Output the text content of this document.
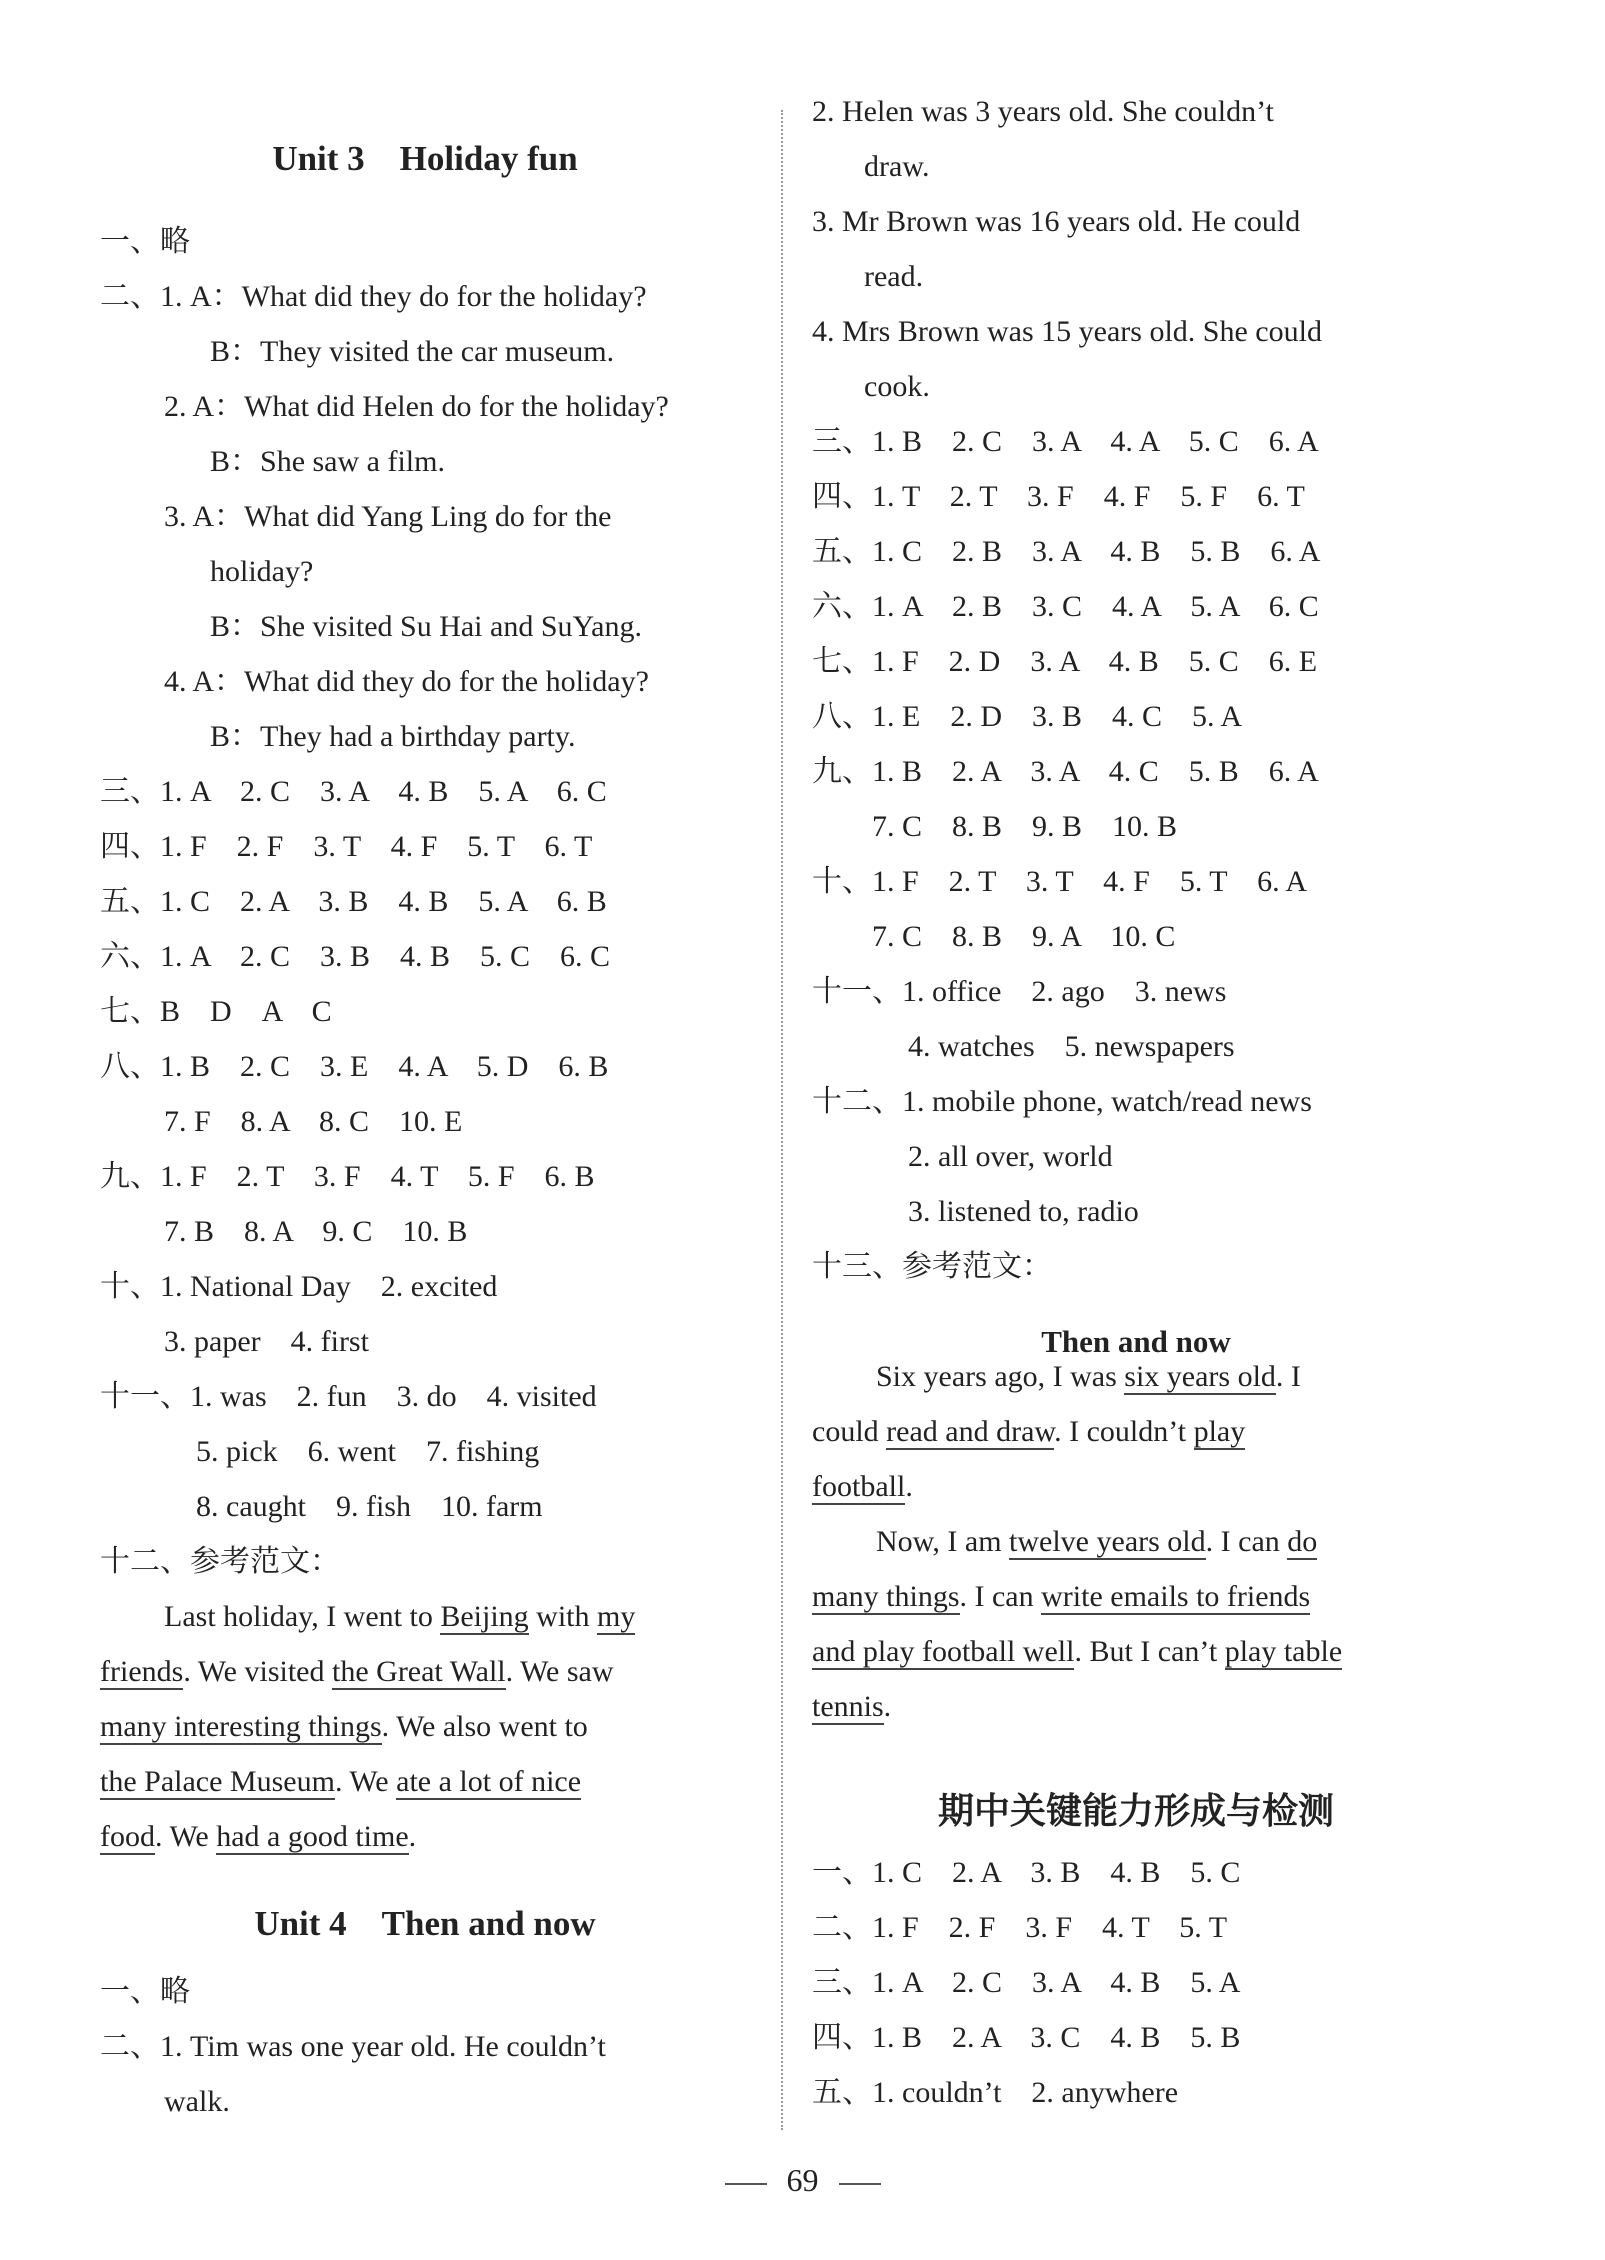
Unit 3　Holiday fun
Unit 4　Then and now
一、略
二、1. A：What did they do for the holiday?
B：They visited the car museum.
2. A：What did Helen do for the holiday?
B：She saw a film.
3. A：What did Yang Ling do for the
holiday?
B：She visited Su Hai and SuYang.
4. A：What did they do for the holiday?
B：They had a birthday party.
三、1. A　2. C　3. A　4. B　5. A　6. C
四、1. F　2. F　3. T　4. F　5. T　6. T
五、1. C　2. A　3. B　4. B　5. A　6. B
六、1. A　2. C　3. B　4. B　5. C　6. C
七、B　D　A　C
八、1. B　2. C　3. E　4. A　5. D　6. B
7. F　8. A　8. C　10. E
九、1. F　2. T　3. F　4. T　5. F　6. B
7. B　8. A　9. C　10. B
十、1. National Day　2. excited
3. paper　4. first
十一、1. was　2. fun　3. do　4. visited
5. pick　6. went　7. fishing
8. caught　9. fish　10. farm
十二、参考范文：
一、略
二、1. Tim was one year old. He couldn’t
walk.
Last holiday, I went to Beijing with my
friends. We visited the Great Wall. We saw
many interesting things. We also went to
the Palace Museum. We ate a lot of nice
food. We had a good time.
Then and now
期中关键能力形成与检测
2. Helen was 3 years old. She couldn’t
draw.
3. Mr Brown was 16 years old. He could
read.
4. Mrs Brown was 15 years old. She could
cook.
三、1. B　2. C　3. A　4. A　5. C　6. A
四、1. T　2. T　3. F　4. F　5. F　6. T
五、1. C　2. B　3. A　4. B　5. B　6. A
六、1. A　2. B　3. C　4. A　5. A　6. C
七、1. F　2. D　3. A　4. B　5. C　6. E
八、1. E　2. D　3. B　4. C　5. A
九、1. B　2. A　3. A　4. C　5. B　6. A
7. C　8. B　9. B　10. B
十、1. F　2. T　3. T　4. F　5. T　6. A
7. C　8. B　9. A　10. C
十一、1. office　2. ago　3. news
4. watches　5. newspapers
十二、1. mobile phone, watch/read news
2. all over, world
3. listened to, radio
十三、参考范文：
一、1. C　2. A　3. B　4. B　5. C
二、1. F　2. F　3. F　4. T　5. T
三、1. A　2. C　3. A　4. B　5. A
四、1. B　2. A　3. C　4. B　5. B
五、1. couldn’t　2. anywhere
Six years ago, I was six years old. I
could read and draw. I couldn’t play
football.
Now, I am twelve years old. I can do
many things. I can write emails to friends
and play football well. But I can’t play table
tennis.
69
